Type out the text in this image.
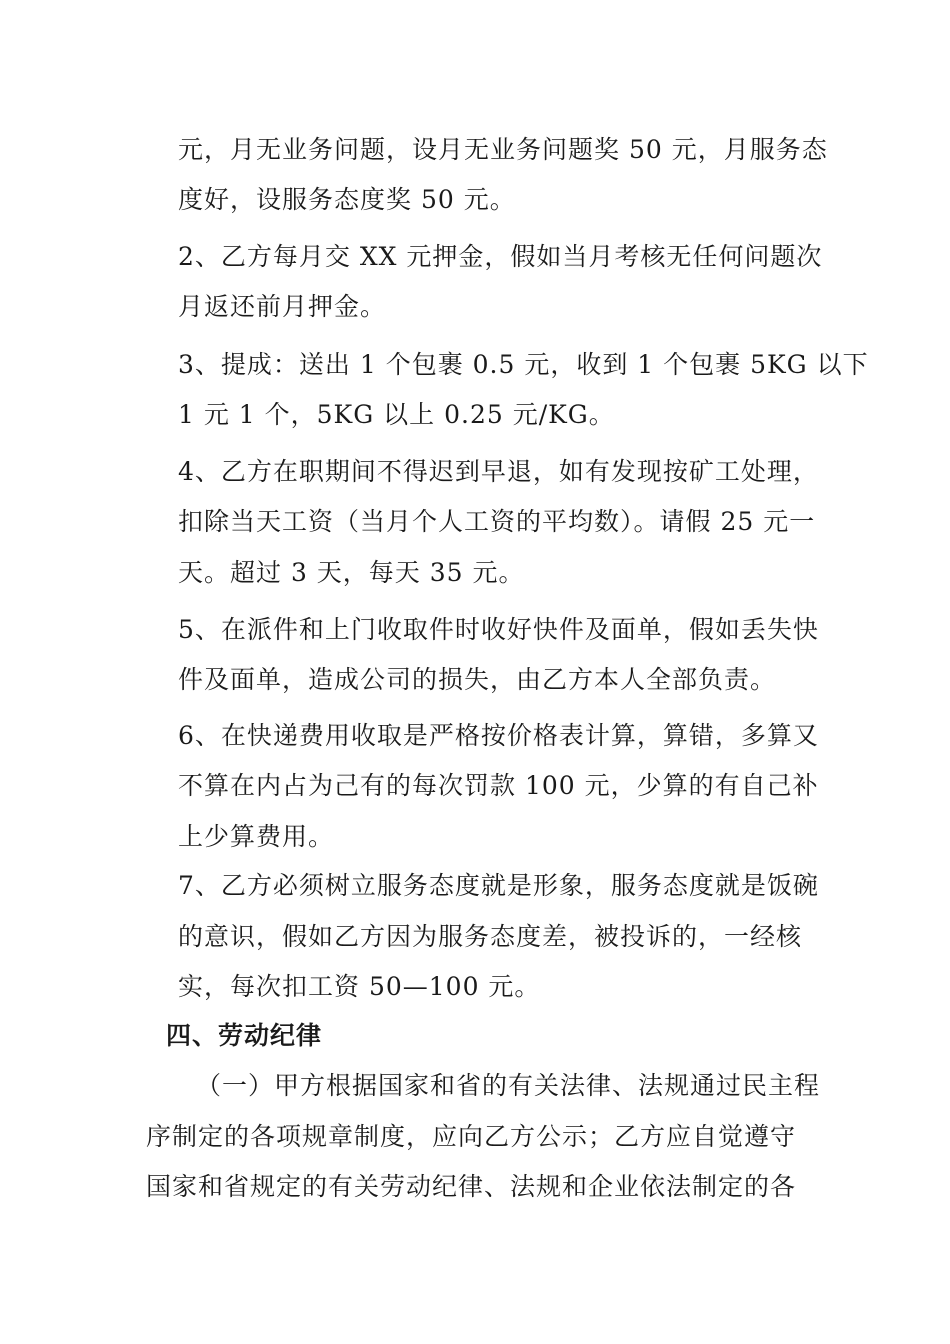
元，月无业务问题，设月无业务问题奖 50 元，月服务态
度好，设服务态度奖 50 元。
2、乙方每月交 XX 元押金，假如当月考核无任何问题次
月返还前月押金。
3、提成：送出 1 个包裹 0.5 元，收到 1 个包裹 5KG 以下
1 元 1 个，5KG 以上 0.25 元/KG。
4、乙方在职期间不得迟到早退，如有发现按矿工处理，
扣除当天工资（当月个人工资的平均数）。请假 25 元一
天。超过 3 天，每天 35 元。
5、在派件和上门收取件时收好快件及面单，假如丢失快
件及面单，造成公司的损失，由乙方本人全部负责。
6、在快递费用收取是严格按价格表计算，算错，多算又
不算在内占为己有的每次罚款 100 元，少算的有自己补
上少算费用。
7、乙方必须树立服务态度就是形象，服务态度就是饭碗
的意识，假如乙方因为服务态度差，被投诉的，一经核
实，每次扣工资 50—100 元。
四、劳动纪律
（一）甲方根据国家和省的有关法律、法规通过民主程
序制定的各项规章制度，应向乙方公示；乙方应自觉遵守
国家和省规定的有关劳动纪律、法规和企业依法制定的各
